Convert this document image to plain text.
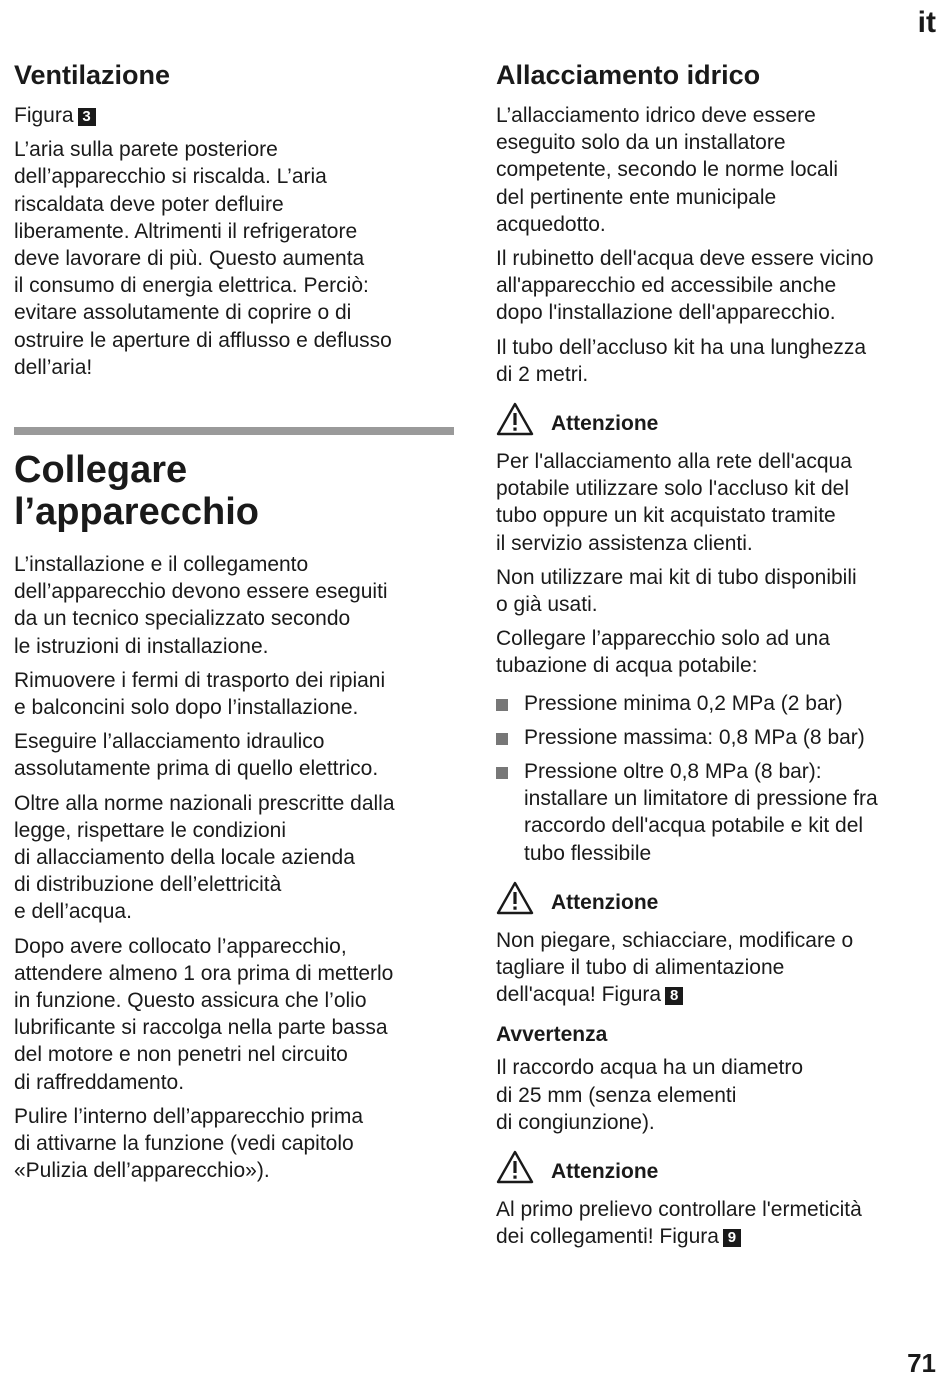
it
Ventilazione

Figura 3

L’aria sulla parete posteriore
dell’apparecchio si riscalda. L’aria
riscaldata deve poter defluire
liberamente. Altrimenti il refrigeratore
deve lavorare di più. Questo aumenta
il consumo di energia elettrica. Perciò:
evitare assolutamente di coprire o di
ostruire le aperture di afflusso e deflusso
dell’aria!

Collegare
l’apparecchio

L’installazione e il collegamento
dell’apparecchio devono essere eseguiti
da un tecnico specializzato secondo
le istruzioni di installazione.

Rimuovere i fermi di trasporto dei ripiani
e balconcini solo dopo l’installazione.

Eseguire l’allacciamento idraulico
assolutamente prima di quello elettrico.

Oltre alla norme nazionali prescritte dalla
legge, rispettare le condizioni
di allacciamento della locale azienda
di distribuzione dell’elettricità
e dell’acqua.

Dopo avere collocato l’apparecchio,
attendere almeno 1 ora prima di metterlo
in funzione. Questo assicura che l’olio
lubrificante si raccolga nella parte bassa
del motore e non penetri nel circuito
di raffreddamento.

Pulire l’interno dell’apparecchio prima
di attivarne la funzione (vedi capitolo
«Pulizia dell’apparecchio»).

Allacciamento idrico

L’allacciamento idrico deve essere
eseguito solo da un installatore
competente, secondo le norme locali
del pertinente ente municipale
acquedotto.

Il rubinetto dell'acqua deve essere vicino
all'apparecchio ed accessibile anche
dopo l'installazione dell'apparecchio.

Il tubo dell’accluso kit ha una lunghezza
di 2 metri.

Attenzione

Per l'allacciamento alla rete dell'acqua
potabile utilizzare solo l'accluso kit del
tubo oppure un kit acquistato tramite
il servizio assistenza clienti.

Non utilizzare mai kit di tubo disponibili
o già usati.

Collegare l’apparecchio solo ad una
tubazione di acqua potabile:

Pressione minima 0,2 MPa (2 bar)
Pressione massima: 0,8 MPa (8 bar)
Pressione oltre 0,8 MPa (8 bar):
installare un limitatore di pressione fra
raccordo dell'acqua potabile e kit del
tubo flessibile
Attenzione

Non piegare, schiacciare, modificare o
tagliare il tubo di alimentazione
dell'acqua! Figura 8

Avvertenza

Il raccordo acqua ha un diametro
di 25 mm (senza elementi
di congiunzione).

Attenzione

Al primo prelievo controllare l'ermeticità
dei collegamenti! Figura 9

71
